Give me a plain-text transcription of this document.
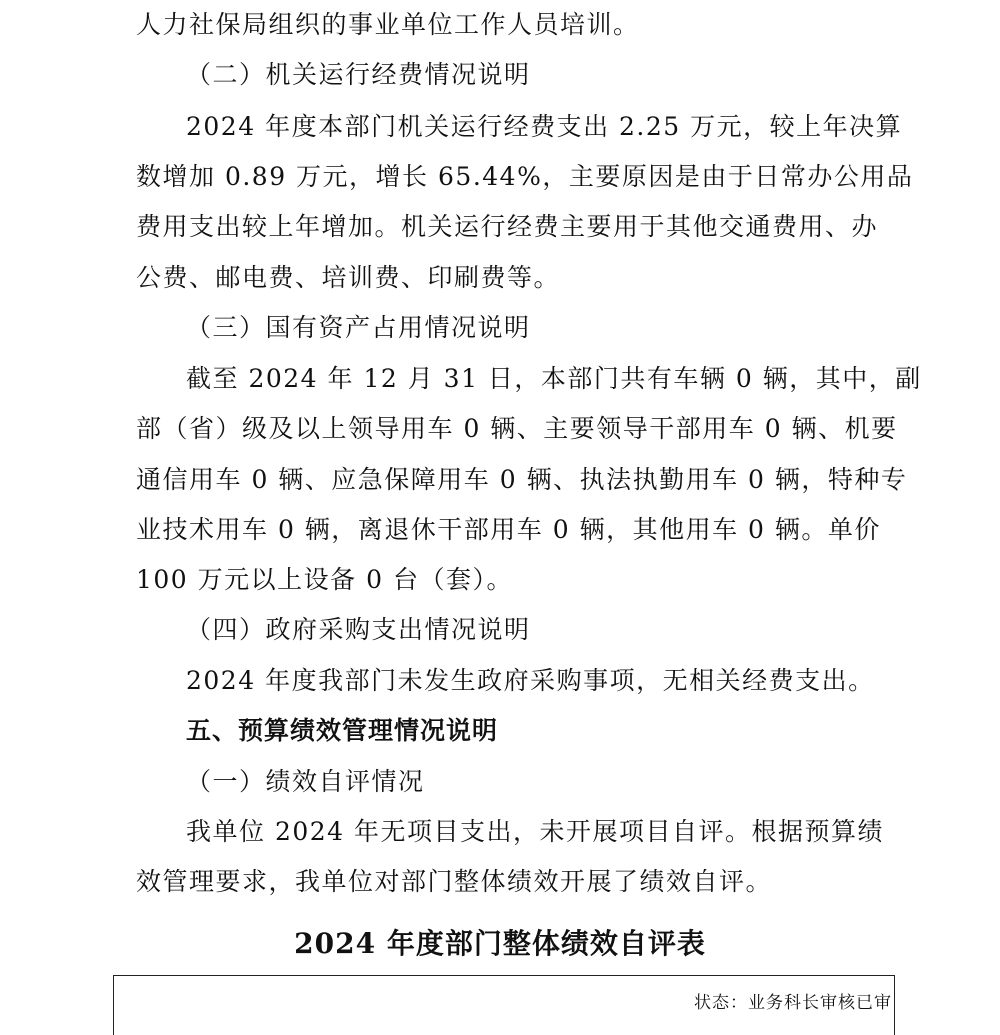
人力社保局组织的事业单位工作人员培训。
（二）机关运行经费情况说明
2024 年度本部门机关运行经费支出 2.25 万元，较上年决算
数增加 0.89 万元，增长 65.44%，主要原因是由于日常办公用品
费用支出较上年增加。机关运行经费主要用于其他交通费用、办
公费、邮电费、培训费、印刷费等。
（三）国有资产占用情况说明
截至 2024 年 12 月 31 日，本部门共有车辆 0 辆，其中，副
部（省）级及以上领导用车 0 辆、主要领导干部用车 0 辆、机要
通信用车 0 辆、应急保障用车 0 辆、执法执勤用车 0 辆，特种专
业技术用车 0 辆，离退休干部用车 0 辆，其他用车 0 辆。单价
100 万元以上设备 0 台（套）。
（四）政府采购支出情况说明
2024 年度我部门未发生政府采购事项，无相关经费支出。
五、预算绩效管理情况说明
（一）绩效自评情况
我单位 2024 年无项目支出，未开展项目自评。根据预算绩
效管理要求，我单位对部门整体绩效开展了绩效自评。
2024 年度部门整体绩效自评表
状态：业务科长审核已审
